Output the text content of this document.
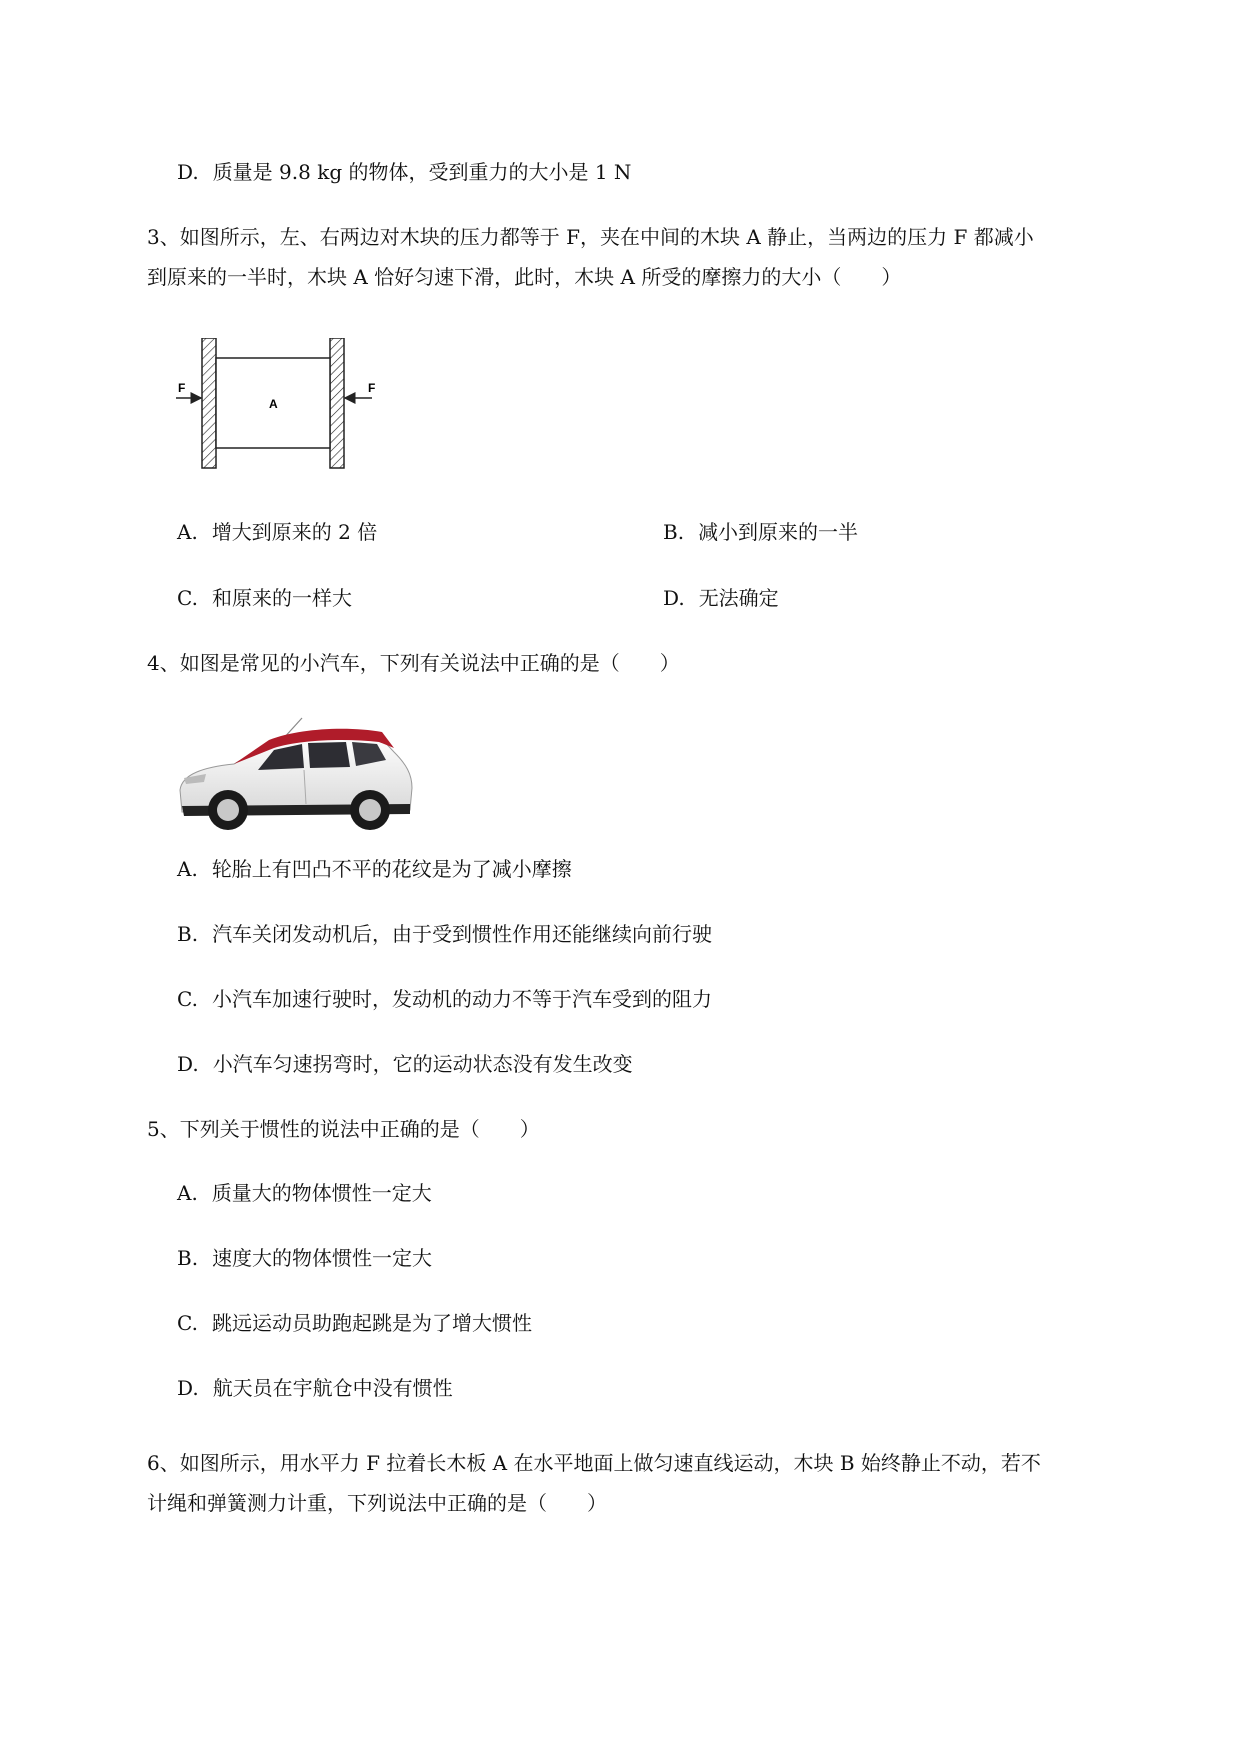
D. 质量是 9.8 kg 的物体，受到重力的大小是 1 N
3、如图所示，左、右两边对木块的压力都等于 F，夹在中间的木块 A 静止，当两边的压力 F 都减小
到原来的一半时，木块 A 恰好匀速下滑，此时，木块 A 所受的摩擦力的大小（　　）
A
F	F
A. 增大到原来的 2 倍	B. 减小到原来的一半
C. 和原来的一样大	D. 无法确定
4、如图是常见的小汽车，下列有关说法中正确的是（　　）
A. 轮胎上有凹凸不平的花纹是为了减小摩擦
B. 汽车关闭发动机后，由于受到惯性作用还能继续向前行驶
C. 小汽车加速行驶时，发动机的动力不等于汽车受到的阻力
D. 小汽车匀速拐弯时，它的运动状态没有发生改变
5、下列关于惯性的说法中正确的是（　　）
A. 质量大的物体惯性一定大
B. 速度大的物体惯性一定大
C. 跳远运动员助跑起跳是为了增大惯性
D. 航天员在宇航仓中没有惯性
6、如图所示，用水平力 F 拉着长木板 A 在水平地面上做匀速直线运动，木块 B 始终静止不动，若不
计绳和弹簧测力计重，下列说法中正确的是（　　）
